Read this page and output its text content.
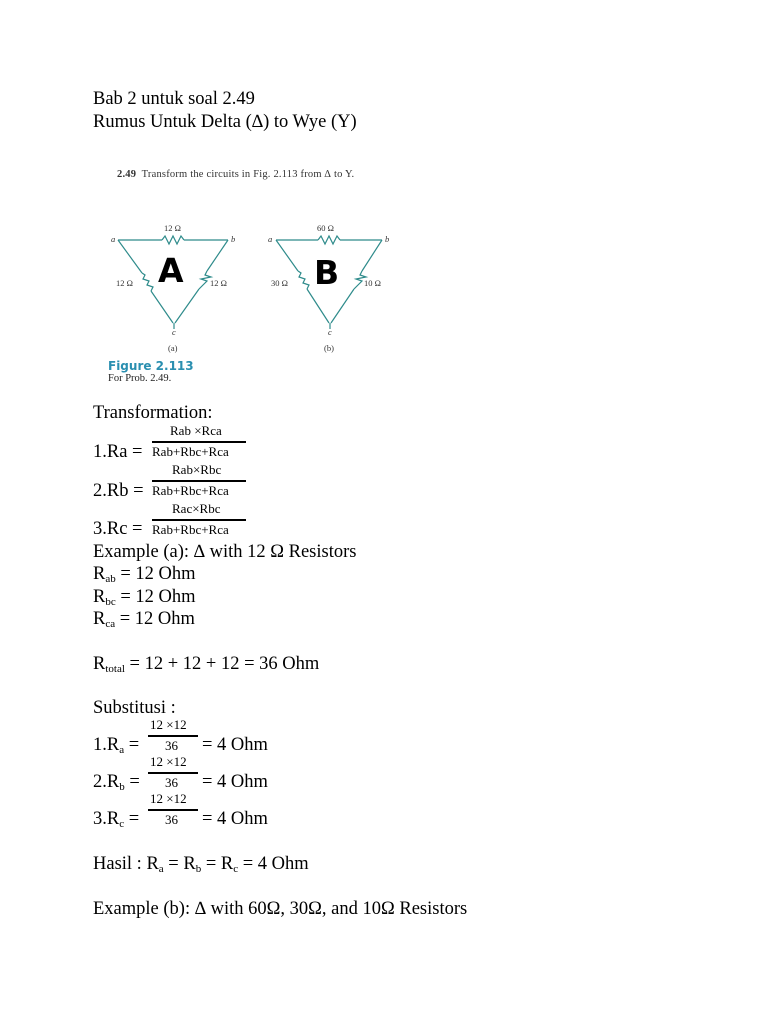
Bab 2 untuk soal 2.49
Rumus Untuk Delta (∆) to Wye (Y)
2.49 Transform the circuits in Fig. 2.113 from ∆ to Y.
12 Ω
12 Ω	12 Ω
a	b
c
(a)
60 Ω
30 Ω	10 Ω
a	b
c
(b)
A	B
Figure 2.113
For Prob. 2.49.
Transformation:
1.Ra =
Rab ×Rca
Rab+Rbc+Rca
2.Rb =
Rab×Rbc
Rab+Rbc+Rca
3.Rc =
Rac×Rbc
Rab+Rbc+Rca
Example (a): ∆ with 12 Ω Resistors
$R_{ab} = 12$ Ohm
$R_{bc} = 12$ Ohm
$R_{ca} = 12$ Ohm
$R_{total} = 12 + 12 + 12 = 36$ Ohm
Substitusi :
$1.R_a$ =
12 ×12
36 = 4 Ohm
$2.R_b$ =
12 ×12
36 = 4 Ohm
$3.R_c$ =
12 ×12
36 = 4 Ohm
Hasil : $R_a = R_b = R_c = 4$ Ohm
Example (b): ∆ with 60Ω, 30Ω, and 10Ω Resistors
